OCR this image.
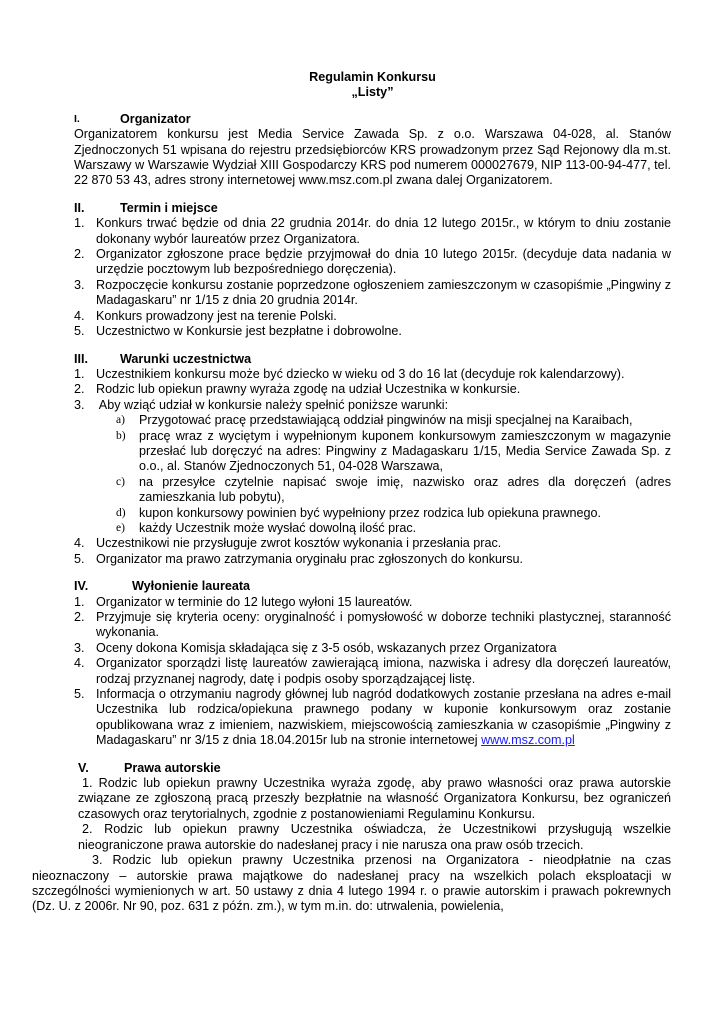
Regulamin Konkursu
„Listy”
I.	Organizator

Organizatorem konkursu jest Media Service Zawada Sp. z o.o. Warszawa 04-028, al. Stanów Zjednoczonych 51 wpisana do rejestru przedsiębiorców KRS prowadzonym przez Sąd Rejonowy dla m.st. Warszawy w Warszawie Wydział XIII Gospodarczy KRS pod numerem 000027679, NIP 113-00-94-477, tel. 22 870 53 43, adres strony internetowej www.msz.com.pl zwana dalej Organizatorem.

II.	Termin i miejsce
1. Konkurs trwać będzie od dnia 22 grudnia 2014r. do dnia 12 lutego 2015r., w którym to dniu zostanie dokonany wybór laureatów przez Organizatora.
2. Organizator zgłoszone prace będzie przyjmował do dnia 10 lutego 2015r. (decyduje data nadania w urzędzie pocztowym lub bezpośredniego doręczenia).
3. Rozpoczęcie konkursu zostanie poprzedzone ogłoszeniem zamieszczonym w czasopiśmie „Pingwiny z Madagaskaru” nr 1/15 z dnia 20 grudnia 2014r.
4. Konkurs prowadzony jest na terenie Polski.
5. Uczestnictwo w Konkursie jest bezpłatne i dobrowolne.
III.	Warunki uczestnictwa
1. Uczestnikiem konkursu może być dziecko w wieku od 3 do 16 lat (decyduje rok kalendarzowy).
2. Rodzic lub opiekun prawny wyraża zgodę na udział Uczestnika w konkursie.
3. Aby wziąć udział w konkursie należy spełnić poniższe warunki:
a)	Przygotować pracę przedstawiającą oddział pingwinów na misji specjalnej na Karaibach,
b)	pracę wraz z wyciętym i wypełnionym kuponem konkursowym zamieszczonym w magazynie przesłać lub doręczyć na adres: Pingwiny z Madagaskaru 1/15, Media Service Zawada Sp. z o.o., al. Stanów Zjednoczonych 51, 04-028 Warszawa,
c)	na przesyłce czytelnie napisać swoje imię, nazwisko oraz adres dla doręczeń (adres zamieszkania lub pobytu),
d)	kupon konkursowy powinien być wypełniony przez rodzica lub opiekuna prawnego.
e)	każdy Uczestnik może wysłać dowolną ilość prac.
4. Uczestnikowi nie przysługuje zwrot kosztów wykonania i przesłania prac.
5. Organizator ma prawo zatrzymania oryginału prac zgłoszonych do konkursu.
IV.	Wyłonienie laureata
1. Organizator w terminie do 12 lutego wyłoni 15 laureatów.
2. Przyjmuje się kryteria oceny: oryginalność i pomysłowość w doborze techniki plastycznej, staranność wykonania.
3. Oceny dokona Komisja składająca się z 3-5 osób, wskazanych przez Organizatora
4. Organizator sporządzi listę laureatów zawierającą imiona, nazwiska i adresy dla doręczeń laureatów, rodzaj przyznanej nagrody, datę i podpis osoby sporządzającej listę.
5. Informacja o otrzymaniu nagrody głównej lub nagród dodatkowych zostanie przesłana na adres e-mail Uczestnika lub rodzica/opiekuna prawnego podany w kuponie konkursowym oraz zostanie opublikowana wraz z imieniem, nazwiskiem, miejscowością zamieszkania w czasopiśmie „Pingwiny z Madagaskaru” nr 3/15 z dnia 18.04.2015r lub na stronie internetowej www.msz.com.pl
V.	Prawa autorskie

1. Rodzic lub opiekun prawny Uczestnika wyraża zgodę, aby prawo własności oraz prawa autorskie związane ze zgłoszoną pracą przeszły bezpłatnie na własność Organizatora Konkursu, bez ograniczeń czasowych oraz terytorialnych, zgodnie z postanowieniami Regulaminu Konkursu.

2. Rodzic lub opiekun prawny Uczestnika oświadcza, że Uczestnikowi przysługują wszelkie nieograniczone prawa autorskie do nadesłanej pracy i nie narusza ona praw osób trzecich.

3. Rodzic lub opiekun prawny Uczestnika przenosi na Organizatora - nieodpłatnie na czas nieoznaczony – autorskie prawa majątkowe do nadesłanej pracy na wszelkich polach eksploatacji w szczególności wymienionych w art. 50 ustawy z dnia 4 lutego 1994 r. o prawie autorskim i prawach pokrewnych (Dz. U. z 2006r. Nr 90, poz. 631 z późn. zm.), w tym m.in. do: utrwalenia, powielenia,
